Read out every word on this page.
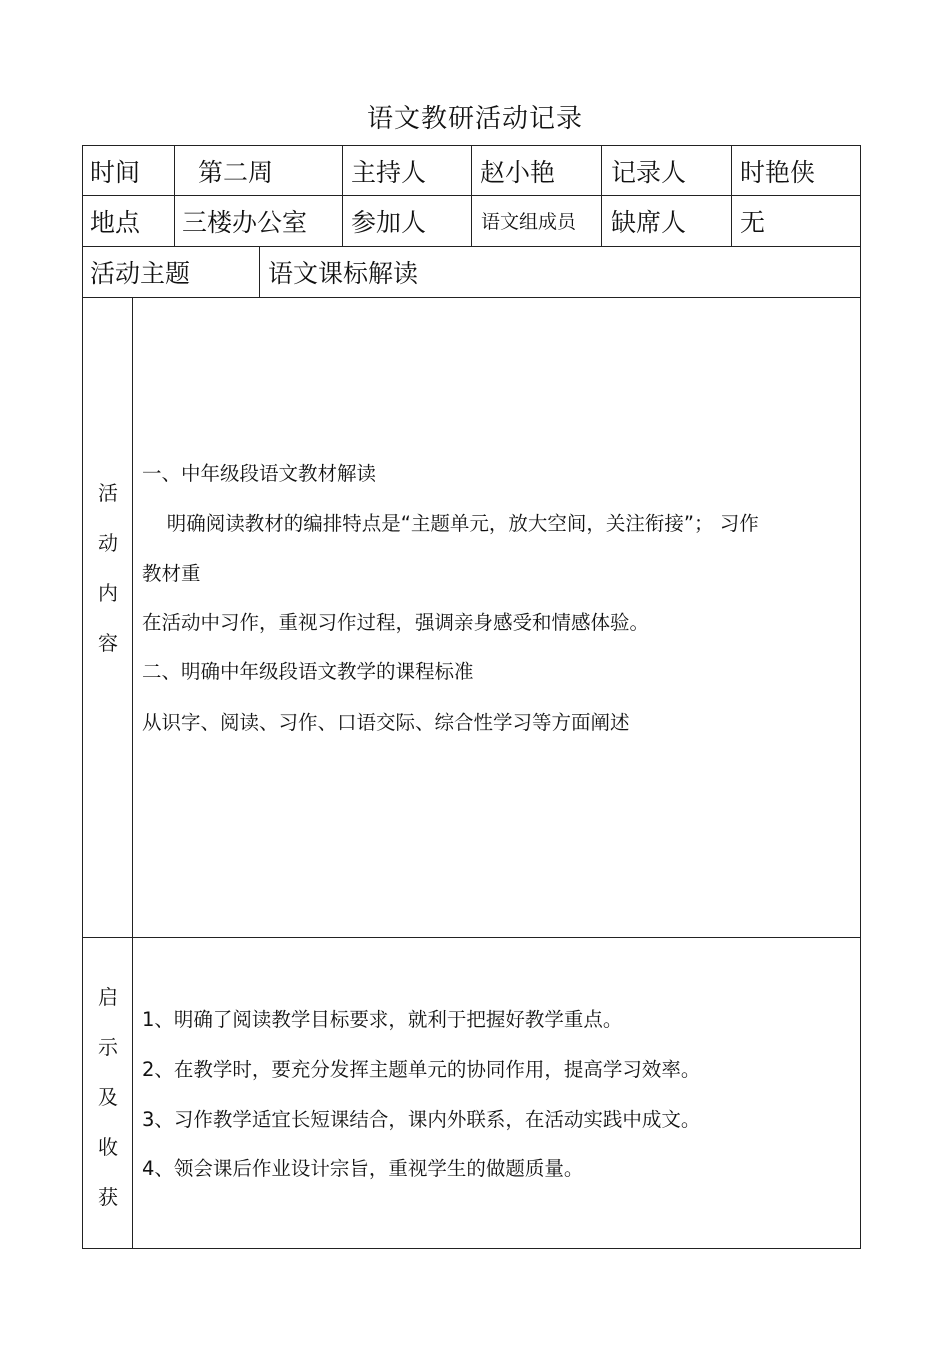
语文教研活动记录
时间 第二周	主持人 赵小艳 记录人 时艳侠
地点 三楼办公室 参加人	语文组成员 缺席人 无
活动主题	语文课标解读
活
动
内
容
一、中年级段语文教材解读
明确阅读教材的编排特点是“主题单元，放大空间，关注衔接”； 习作
教材重
在活动中习作，重视习作过程，强调亲身感受和情感体验。
二、明确中年级段语文教学的课程标准
从识字、阅读、习作、口语交际、综合性学习等方面阐述
启
示
及
收
获
1、明确了阅读教学目标要求，就利于把握好教学重点。
2、在教学时，要充分发挥主题单元的协同作用，提高学习效率。
3、习作教学适宜长短课结合，课内外联系，在活动实践中成文。
4、领会课后作业设计宗旨，重视学生的做题质量。
